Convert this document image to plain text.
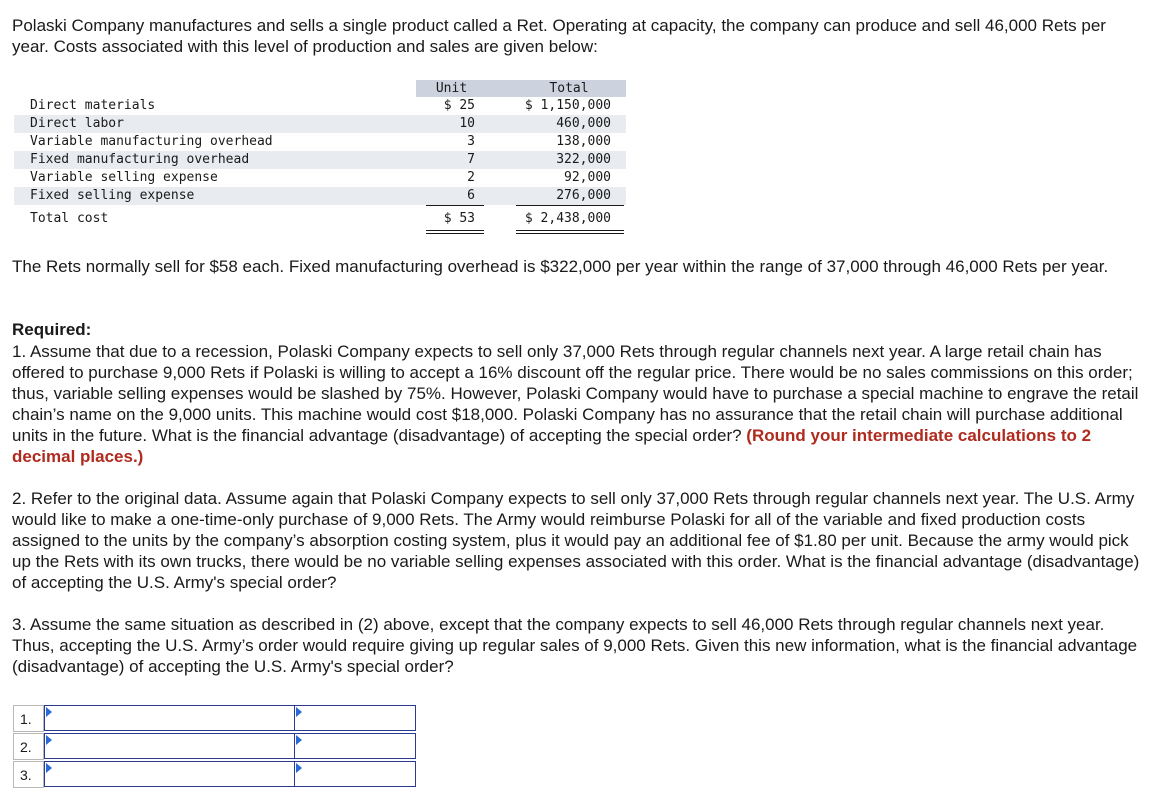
Polaski Company manufactures and sells a single product called a Ret. Operating at capacity, the company can produce and sell 46,000 Rets per year. Costs associated with this level of production and sales are given below:

Unit	Total
Direct materials	$ 25	$ 1,150,000
Direct labor	10	460,000
Variable manufacturing overhead	3	138,000
Fixed manufacturing overhead	7	322,000
Variable selling expense	2	92,000
Fixed selling expense	6	276,000
Total cost	$ 53	$ 2,438,000

The Rets normally sell for $58 each. Fixed manufacturing overhead is $322,000 per year within the range of 37,000 through 46,000 Rets per year.

Required:

1. Assume that due to a recession, Polaski Company expects to sell only 37,000 Rets through regular channels next year. A large retail chain has offered to purchase 9,000 Rets if Polaski is willing to accept a 16% discount off the regular price. There would be no sales commissions on this order; thus, variable selling expenses would be slashed by 75%. However, Polaski Company would have to purchase a special machine to engrave the retail chain’s name on the 9,000 units. This machine would cost $18,000. Polaski Company has no assurance that the retail chain will purchase additional units in the future. What is the financial advantage (disadvantage) of accepting the special order? (Round your intermediate calculations to 2 decimal places.)

2. Refer to the original data. Assume again that Polaski Company expects to sell only 37,000 Rets through regular channels next year. The U.S. Army would like to make a one-time-only purchase of 9,000 Rets. The Army would reimburse Polaski for all of the variable and fixed production costs assigned to the units by the company’s absorption costing system, plus it would pay an additional fee of $1.80 per unit. Because the army would pick up the Rets with its own trucks, there would be no variable selling expenses associated with this order. What is the financial advantage (disadvantage) of accepting the U.S. Army's special order?

3. Assume the same situation as described in (2) above, except that the company expects to sell 46,000 Rets through regular channels next year. Thus, accepting the U.S. Army’s order would require giving up regular sales of 9,000 Rets. Given this new information, what is the financial advantage (disadvantage) of accepting the U.S. Army's special order?

1.
2.
3.
